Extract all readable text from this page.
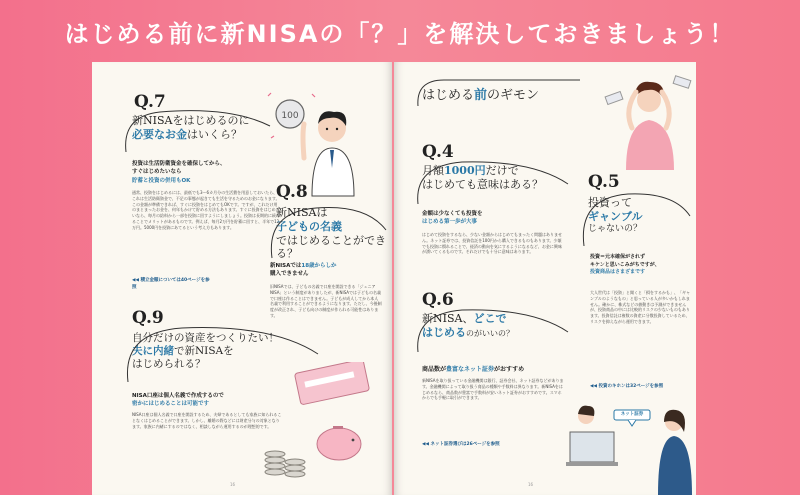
はじめる前に新NISAの「？」を解決しておきましょう！
Q.7
新NISAをはじめるのに
必要なお金はいくら？
投資は生活防衛資金を確保してから、
すぐはじめたいなら
貯蓄と投資の併用もOK
通常、投資をはじめるには、最低でも3〜6カ月分の生活費を用意しておいたら、これは生活防衛資金で、不足の事態が起きても生活を守るためのお金になります。この金額が準備できれば、すぐに投資をはじめてもOKです。ですが、これだけ用のまとまったお金を、何年もかけて貯める方法もあります。すぐに投資をはじめたいなら、毎月の給料から一部を投資に回すようにしましょう。投資は長期的に続けることでメリットがあるものです。例えば、毎月2万円を貯蓄に回すと、半年で12万円。5000円を投資にあてるという考え方もあります。
◀◀ 積立金額については40ページを参照
100
Q.8
新NISAは
子どもの名義
ではじめることができる？
新NISAでは18歳からしか
購入できません
旧NISAでは、子どもの名義で口座を開設できる「ジュニアNISA」という制度がありましたが、新NISAでは子どもの名義で口座は作ることはできません。子どもが成人してから本人名義で利用することができるようになります。ただし、今後制度が改正され、子ども向けの制度が作られる可能性はあります。
Q.9
自分だけの資産をつくりたい！
夫に内緒で新NISAを
はじめられる？
NISA口座は個人名義で作成するので
密かにはじめることは可能です
NISA口座は個人名義で口座を開設するため、夫婦であるとしても家族に知られることなくはじめることができます。しかし、離婚の際などには財産分与の対象となります。家族に内緒にするのではなく、相談しながら運用するのが理想的です。
16
はじめる前のギモン
Q.4
月額1000円だけで
はじめても意味はある？
金額は少なくても投資を
はじめる第一歩が大事
はじめて投資をするなら、少ない金額からはじめてもまったく問題はありません。ネット証券では、投資信託を100円から購入できるものもあります。少額でも投資に慣れることで、経済の動向を気にするようになるなど、お金に興味が湧いてくるものです。それだけでも十分に意味はあります。
Q.5
投資って
ギャンブル
じゃないの？
投資＝元本確保がされず
キケンと思いこみがちですが、
投資商品はさまざまです
大人世代は「投資」と聞くと「損をするかも」、「ギャンブルのようなもの」と思っている人が多いかもしれません。確かに、株式などの値動きは予測ができませんが、投資商品の中には比較的リスクの少ないものもあります。投資信託は複数の資産に分散投資しているため、リスクを抑えながら運用できます。
◀◀ 投資のキホンは32ページを参照
Q.6
新NISA、どこで
はじめるのがいいの？
商品数が豊富なネット証券がおすすめ
新NISAを取り扱っている金融機関は銀行、証券会社、ネット証券などがあります。金融機関によって取り扱う商品の種類や手数料は異なります。新NISAをはじめるなら、商品数が豊富で手数料が安いネット証券がおすすめです。スマホからでも手軽に取引ができます。
◀◀ ネット証券選びは26ページを参照
16
ネット証券
